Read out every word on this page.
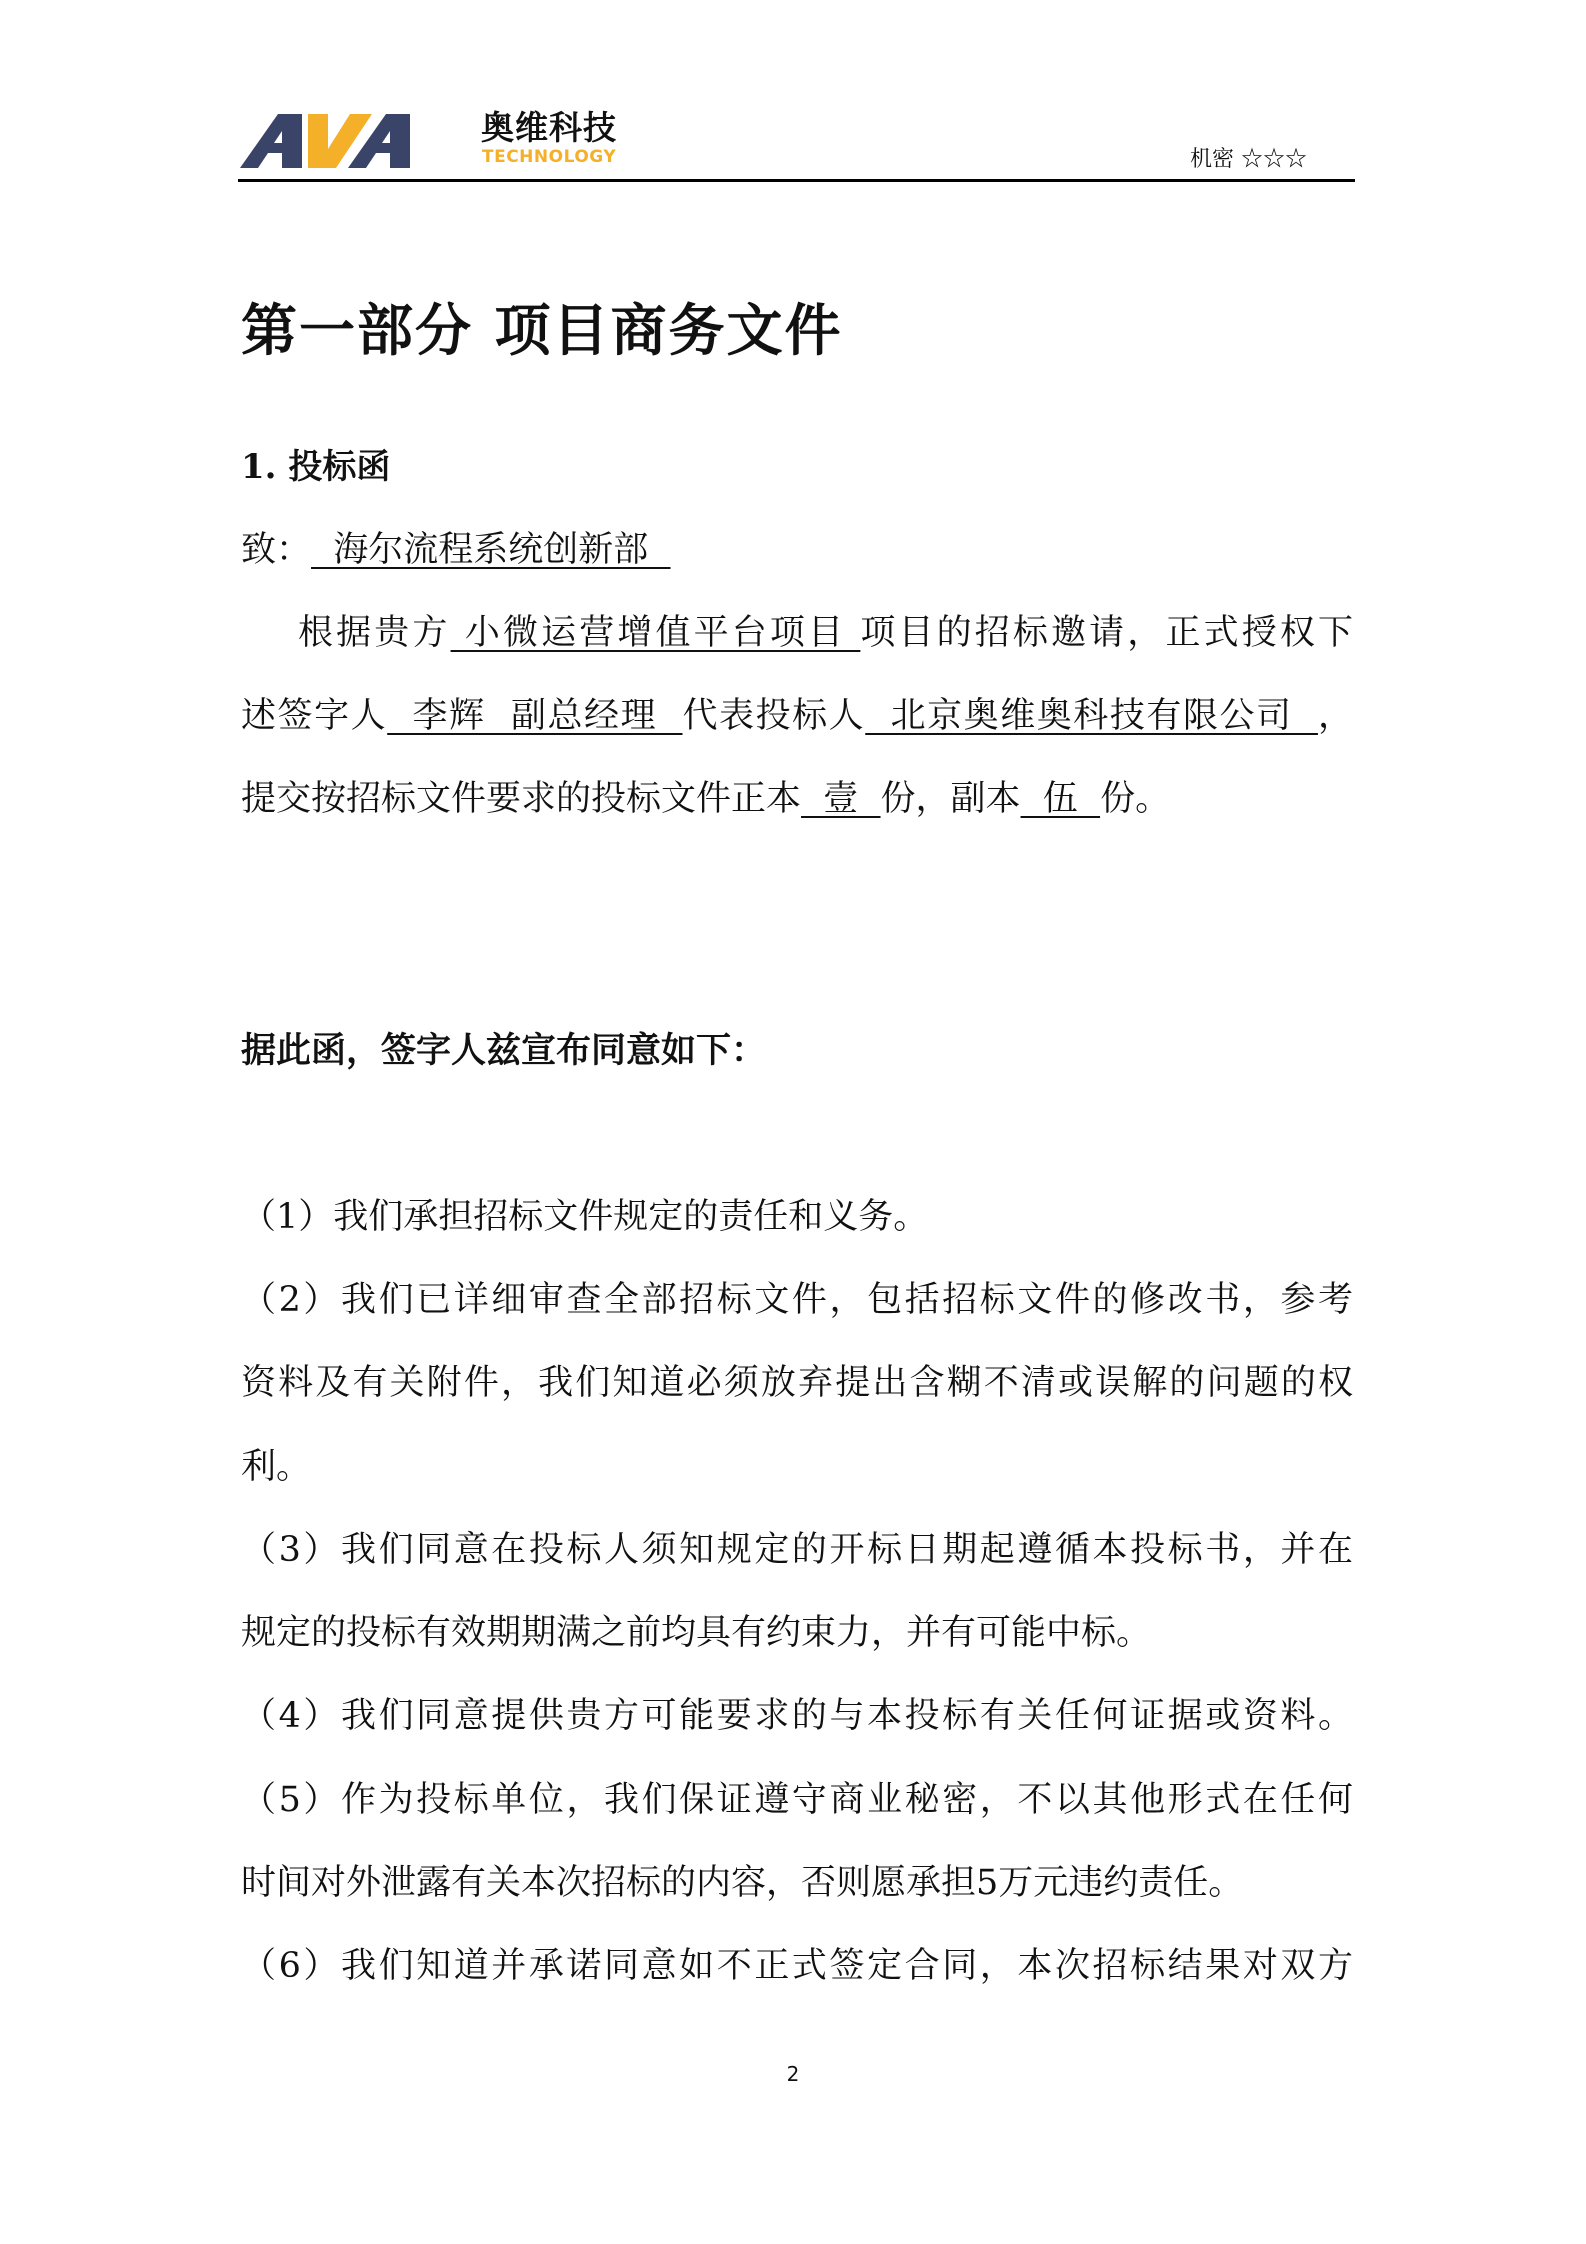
奥维科技
TECHNOLOGY	机密 ☆☆☆
第一部分 项目商务文件
1. 投标函
致：  海尔流程系统创新部
根据贵方 小微运营增值平台项目 项目的招标邀请，正式授权下
述签字人  李辉  副总经理  代表投标人  北京奥维奥科技有限公司  ，
提交按招标文件要求的投标文件正本  壹  份，副本  伍  份。
据此函，签字人兹宣布同意如下：
（1）我们承担招标文件规定的责任和义务。
（2）我们已详细审查全部招标文件，包括招标文件的修改书，参考
资料及有关附件，我们知道必须放弃提出含糊不清或误解的问题的权
利。
（3）我们同意在投标人须知规定的开标日期起遵循本投标书，并在
规定的投标有效期期满之前均具有约束力，并有可能中标。
（4）我们同意提供贵方可能要求的与本投标有关任何证据或资料。
（5）作为投标单位，我们保证遵守商业秘密，不以其他形式在任何
时间对外泄露有关本次招标的内容，否则愿承担5万元违约责任。
（6）我们知道并承诺同意如不正式签定合同，本次招标结果对双方
2
